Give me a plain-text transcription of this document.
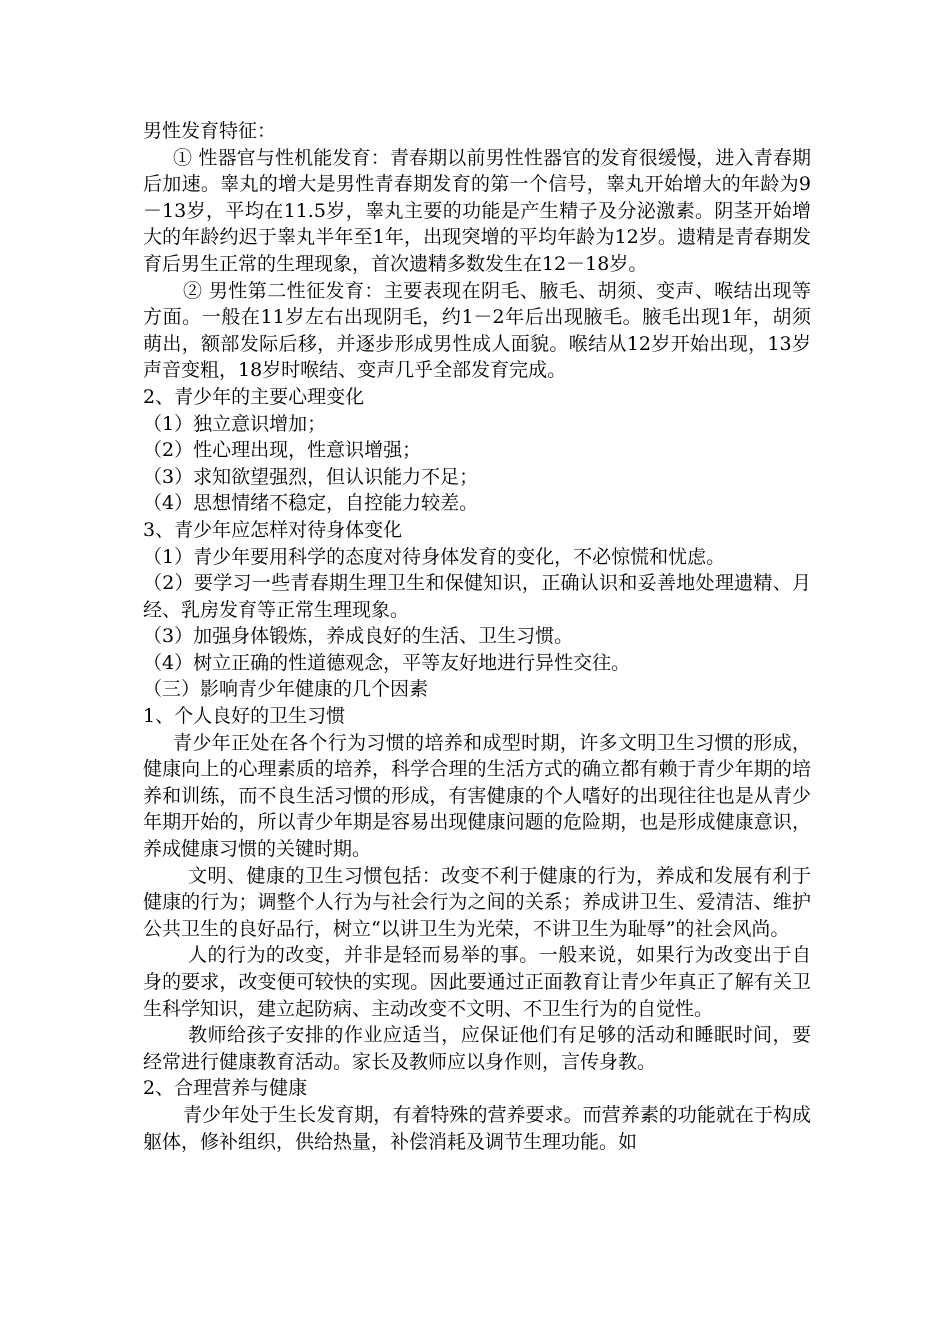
男性发育特征：

① 性器官与性机能发育：青春期以前男性性器官的发育很缓慢，进入青春期后加速。睾丸的增大是男性青春期发育的第一个信号，睾丸开始增大的年龄为9－13岁，平均在11.5岁，睾丸主要的功能是产生精子及分泌激素。阴茎开始增大的年龄约迟于睾丸半年至1年，出现突增的平均年龄为12岁。遗精是青春期发育后男生正常的生理现象，首次遗精多数发生在12－18岁。

② 男性第二性征发育：主要表现在阴毛、腋毛、胡须、变声、喉结出现等方面。一般在11岁左右出现阴毛，约1－2年后出现腋毛。腋毛出现1年，胡须萌出，额部发际后移，并逐步形成男性成人面貌。喉结从12岁开始出现，13岁声音变粗，18岁时喉结、变声几乎全部发育完成。

2、青少年的主要心理变化

（1）独立意识增加；

（2）性心理出现，性意识增强；

（3）求知欲望强烈，但认识能力不足；

（4）思想情绪不稳定，自控能力较差。

3、青少年应怎样对待身体变化

（1）青少年要用科学的态度对待身体发育的变化，不必惊慌和忧虑。

（2）要学习一些青春期生理卫生和保健知识，正确认识和妥善地处理遗精、月经、乳房发育等正常生理现象。

（3）加强身体锻炼，养成良好的生活、卫生习惯。

（4）树立正确的性道德观念，平等友好地进行异性交往。

（三）影响青少年健康的几个因素

1、个人良好的卫生习惯

青少年正处在各个行为习惯的培养和成型时期，许多文明卫生习惯的形成，健康向上的心理素质的培养，科学合理的生活方式的确立都有赖于青少年期的培养和训练，而不良生活习惯的形成，有害健康的个人嗜好的出现往往也是从青少年期开始的，所以青少年期是容易出现健康问题的危险期，也是形成健康意识，养成健康习惯的关键时期。

文明、健康的卫生习惯包括：改变不利于健康的行为，养成和发展有利于健康的行为；调整个人行为与社会行为之间的关系；养成讲卫生、爱清洁、维护公共卫生的良好品行，树立“以讲卫生为光荣，不讲卫生为耻辱”的社会风尚。

人的行为的改变，并非是轻而易举的事。一般来说，如果行为改变出于自身的要求，改变便可较快的实现。因此要通过正面教育让青少年真正了解有关卫生科学知识，建立起防病、主动改变不文明、不卫生行为的自觉性。

教师给孩子安排的作业应适当，应保证他们有足够的活动和睡眠时间，要经常进行健康教育活动。家长及教师应以身作则，言传身教。

2、合理营养与健康

青少年处于生长发育期，有着特殊的营养要求。而营养素的功能就在于构成躯体，修补组织，供给热量，补偿消耗及调节生理功能。如
